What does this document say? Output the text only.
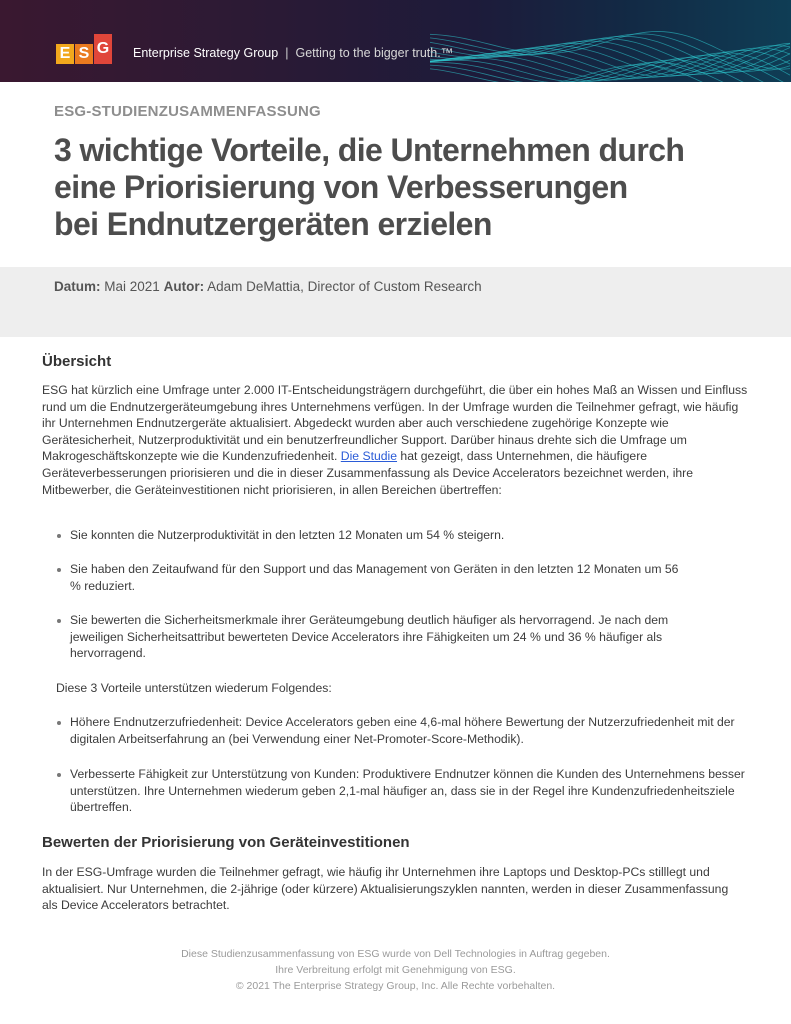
E S G Enterprise Strategy Group | Getting to the bigger truth.™
ESG-STUDIENZUSAMMENFASSUNG
3 wichtige Vorteile, die Unternehmen durch
eine Priorisierung von Verbesserungen
bei Endnutzergeräten erzielen
Datum: Mai 2021 Autor: Adam DeMattia, Director of Custom Research
Übersicht

ESG hat kürzlich eine Umfrage unter 2.000 IT-Entscheidungsträgern durchgeführt, die über ein hohes Maß an Wissen und Einfluss rund um die Endnutzergeräteumgebung ihres Unternehmens verfügen. In der Umfrage wurden die Teilnehmer gefragt, wie häufig ihr Unternehmen Endnutzergeräte aktualisiert. Abgedeckt wurden aber auch verschiedene zugehörige Konzepte wie Gerätesicherheit, Nutzerproduktivität und ein benutzerfreundlicher Support. Darüber hinaus drehte sich die Umfrage um Makrogeschäftskonzepte wie die Kundenzufriedenheit. Die Studie hat gezeigt, dass Unternehmen, die häufigere Geräteverbesserungen priorisieren und die in dieser Zusammenfassung als Device Accelerators bezeichnet werden, ihre Mitbewerber, die Geräteinvestitionen nicht priorisieren, in allen Bereichen übertreffen:

Sie konnten die Nutzerproduktivität in den letzten 12 Monaten um 54 % steigern.
Sie haben den Zeitaufwand für den Support und das Management von Geräten in den letzten 12 Monaten um 56 % reduziert.
Sie bewerten die Sicherheitsmerkmale ihrer Geräteumgebung deutlich häufiger als hervorragend. Je nach dem jeweiligen Sicherheitsattribut bewerteten Device Accelerators ihre Fähigkeiten um 24 % und 36 % häufiger als hervorragend.
Diese 3 Vorteile unterstützen wiederum Folgendes:
Höhere Endnutzerzufriedenheit: Device Accelerators geben eine 4,6-mal höhere Bewertung der Nutzerzufriedenheit mit der digitalen Arbeitserfahrung an (bei Verwendung einer Net-Promoter-Score-Methodik).
Verbesserte Fähigkeit zur Unterstützung von Kunden: Produktivere Endnutzer können die Kunden des Unternehmens besser unterstützen. Ihre Unternehmen wiederum geben 2,1-mal häufiger an, dass sie in der Regel ihre Kundenzufriedenheitsziele übertreffen.
Bewerten der Priorisierung von Geräteinvestitionen

In der ESG-Umfrage wurden die Teilnehmer gefragt, wie häufig ihr Unternehmen ihre Laptops und Desktop-PCs stilllegt und aktualisiert. Nur Unternehmen, die 2-jährige (oder kürzere) Aktualisierungszyklen nannten, werden in dieser Zusammenfassung als Device Accelerators betrachtet.

Diese Studienzusammenfassung von ESG wurde von Dell Technologies in Auftrag gegeben.
Ihre Verbreitung erfolgt mit Genehmigung von ESG.
© 2021 The Enterprise Strategy Group, Inc. Alle Rechte vorbehalten.
